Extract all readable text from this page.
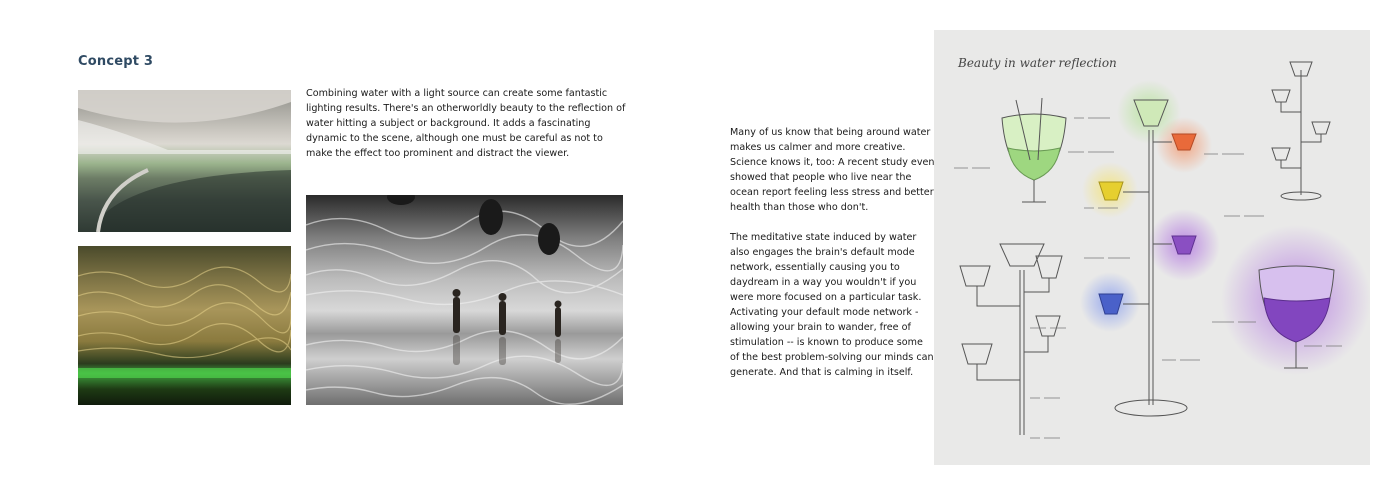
Concept 3

Combining water with a light source can create some fantastic lighting results. There's an otherworldly beauty to the reflection of water hitting a subject or background. It adds a fascinating dynamic to the scene, although one must be careful as not to make the effect too prominent and distract the viewer.

Many of us know that being around water makes us calmer and more creative. Science knows it, too: A recent study even showed that people who live near the ocean report feeling less stress and better health than those who don't.

The meditative state induced by water also engages the brain's default mode network, essentially causing you to daydream in a way you wouldn't if you were more focused on a particular task. Activating your default mode network - allowing your brain to wander, free of stimulation -- is known to produce some of the best problem-solving our minds can generate. And that is calming in itself.

Beauty in water reflection
